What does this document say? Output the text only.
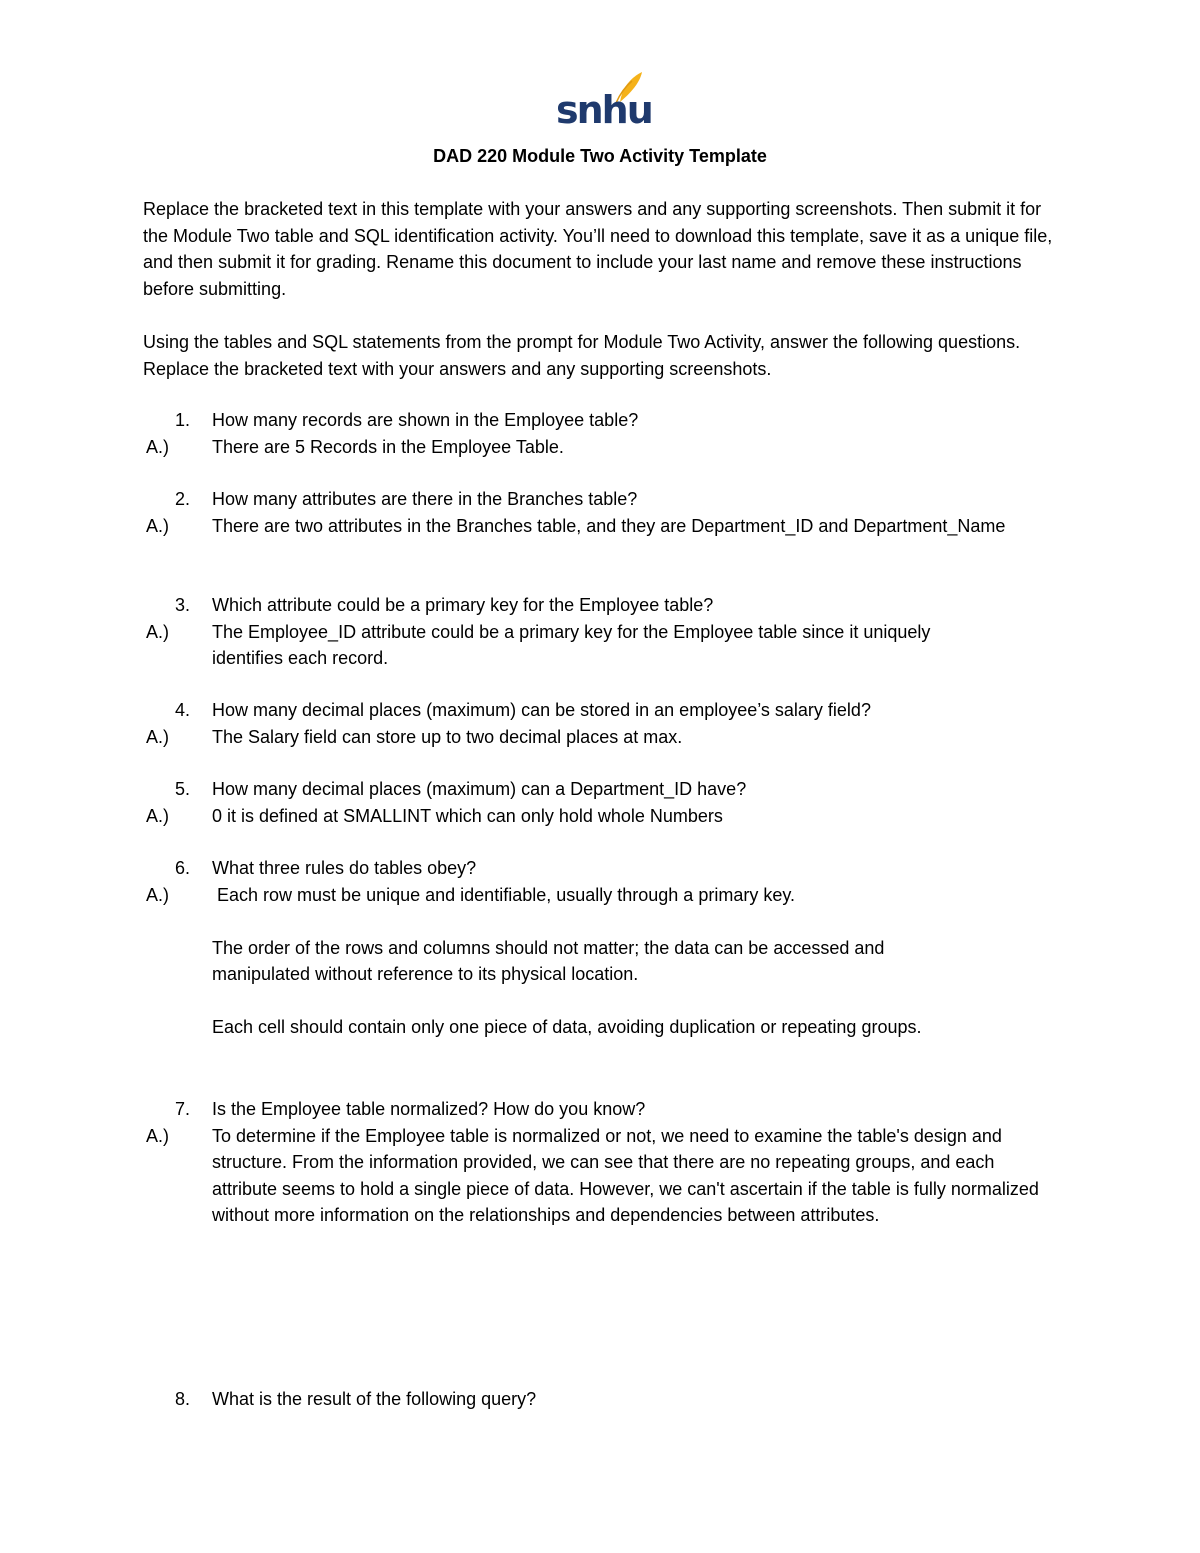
snhu
DAD 220 Module Two Activity Template
Replace the bracketed text in this template with your answers and any supporting screenshots. Then submit it for the Module Two table and SQL identification activity. You’ll need to download this template, save it as a unique file, and then submit it for grading. Rename this document to include your last name and remove these instructions before submitting.
Using the tables and SQL statements from the prompt for Module Two Activity, answer the following questions. Replace the bracketed text with your answers and any supporting screenshots.
1. How many records are shown in the Employee table?
A.) There are 5 Records in the Employee Table.
2. How many attributes are there in the Branches table?
A.) There are two attributes in the Branches table, and they are Department_ID and Department_Name
3. Which attribute could be a primary key for the Employee table?
A.) The Employee_ID attribute could be a primary key for the Employee table since it uniquely identifies each record.
4. How many decimal places (maximum) can be stored in an employee’s salary field?
A.) The Salary field can store up to two decimal places at max.
5. How many decimal places (maximum) can a Department_ID have?
A.) 0 it is defined at SMALLINT which can only hold whole Numbers
6. What three rules do tables obey?
A.) Each row must be unique and identifiable, usually through a primary key.
The order of the rows and columns should not matter; the data can be accessed and manipulated without reference to its physical location.
Each cell should contain only one piece of data, avoiding duplication or repeating groups.
7. Is the Employee table normalized? How do you know?
A.) To determine if the Employee table is normalized or not, we need to examine the table's design and structure. From the information provided, we can see that there are no repeating groups, and each attribute seems to hold a single piece of data. However, we can't ascertain if the table is fully normalized without more information on the relationships and dependencies between attributes.
8. What is the result of the following query?
